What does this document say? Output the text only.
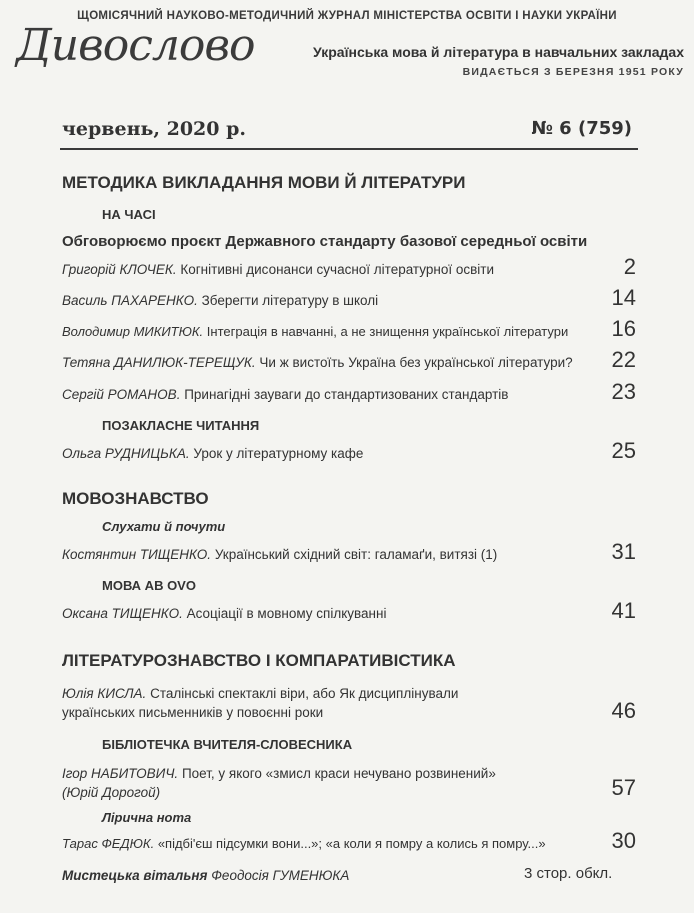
ЩОМІСЯЧНИЙ НАУКОВО-МЕТОДИЧНИЙ ЖУРНАЛ МІНІСТЕРСТВА ОСВІТИ І НАУКИ УКРАЇНИ
Дивослово	Українська мова й література в навчальних закладах
ВИДАЄТЬСЯ З БЕРЕЗНЯ 1951 РОКУ
червень, 2020 р.	№ 6 (759)
МЕТОДИКА ВИКЛАДАННЯ МОВИ Й ЛІТЕРАТУРИ
НА ЧАСІ
Обговорюємо проєкт Державного стандарту базової середньої освіти
Григорій КЛОЧЕК. Когнітивні дисонанси сучасної літературної освіти	2
Василь ПАХАРЕНКО. Зберегти літературу в школі	14
Володимир МИКИТЮК. Інтеграція в навчанні, а не знищення української літератури 16
Тетяна ДАНИЛЮК-ТЕРЕЩУК. Чи ж вистоїть Україна без української літератури? 22
Сергій РОМАНОВ. Принагідні зауваги до стандартизованих стандартів	23
ПОЗАКЛАСНЕ ЧИТАННЯ
Ольга РУДНИЦЬКА. Урок у літературному кафе	25
МОВОЗНАВСТВО
Слухати й почути
Костянтин ТИЩЕНКО. Український східний світ: галамаґи, витязі (1)	31
МОВА AB OVO
Оксана ТИЩЕНКО. Асоціації в мовному спілкуванні	41
ЛІТЕРАТУРОЗНАВСТВО І КОМПАРАТИВІСТИКА
Юлія КИСЛА. Сталінські спектаклі віри, або Як дисциплінували
українських письменників у повоєнні роки	46
БІБЛІОТЕЧКА ВЧИТЕЛЯ-СЛОВЕСНИКА
Ігор НАБИТОВИЧ. Поет, у якого «змисл краси нечувано розвинений»
(Юрій Дорогой)	57
Лірична нота
Тарас ФЕДЮК. «підбі'єш підсумки вони...»; «а коли я помру а колись я помру...»	30
Мистецька вітальня Феодосія ГУМЕНЮКА	3 стор. обкл.
